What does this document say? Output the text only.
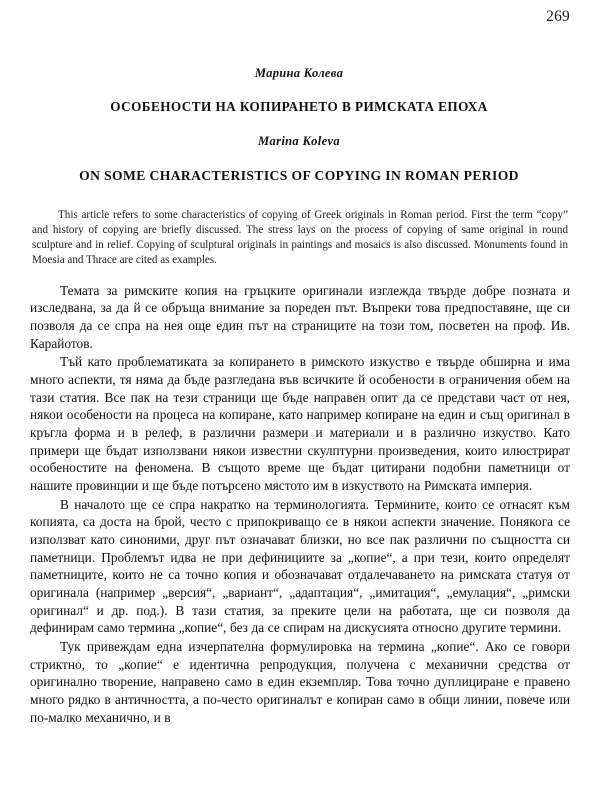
269
Марина Колева
ОСОБЕНОСТИ НА КОПИРАНЕТО В РИМСКАТА ЕПОХА
Marina Koleva
ON SOME CHARACTERISTICS OF COPYING IN ROMAN PERIOD
This article refers to some characteristics of copying of Greek originals in Roman period. First the term “copy” and history of copying are briefly discussed. The stress lays on the process of copying of same original in round sculpture and in relief. Copying of sculptural originals in paintings and mosaics is also discussed. Monuments found in Moesia and Thrace are cited as examples.
Темата за римските копия на гръцките оригинали изглежда твърде добре позната и изследвана, за да й се обръща внимание за пореден път. Въпреки това предпоставяне, ще си позволя да се спра на нея още един път на страниците на този том, посветен на проф. Ив. Карайотов.
Тъй като проблематиката за копирането в римското изкуство е твърде обширна и има много аспекти, тя няма да бъде разгледана във всичките й особености в ограничения обем на тази статия. Все пак на тези страници ще бъде направен опит да се представи част от нея, някои особености на процеса на копиране, като например копиране на един и същ оригинал в кръгла форма и в релеф, в различни размери и материали и в различно изкуство. Като примери ще бъдат използвани някои известни скулптурни произведения, които илюстрират особеностите на феномена. В същото време ще бъдат цитирани подобни паметници от нашите провинции и ще бъде потърсено мястото им в изкуството на Римската империя.
В началото ще се спра накратко на терминологията. Термините, които се отнасят към копията, са доста на брой, често с припокриващо се в някои аспекти значение. Понякога се използват като синоними, друг път означават близки, но все пак различни по същността си паметници. Проблемът идва не при дефинициите за „копие“, а при тези, които определят паметниците, които не са точно копия и обозначават отдалечаването на римската статуя от оригинала (например „версия“, „вариант“, „адаптация“, „имитация“, „емулация“, „римски оригинал“ и др. под.). В тази статия, за преките цели на работата, ще си позволя да дефинирам само термина „копие“, без да се спирам на дискусията относно другите термини.
Тук привеждам една изчерпателна формулировка на термина „копие“. Ако се говори стриктно, то „копие“ е идентична репродукция, получена с механични средства от оригинално творение, направено само в един екземпляр. Това точно дуплициране е правено много рядко в античността, а по-често оригиналът е копиран само в общи линии, повече или по-малко механично, и в
